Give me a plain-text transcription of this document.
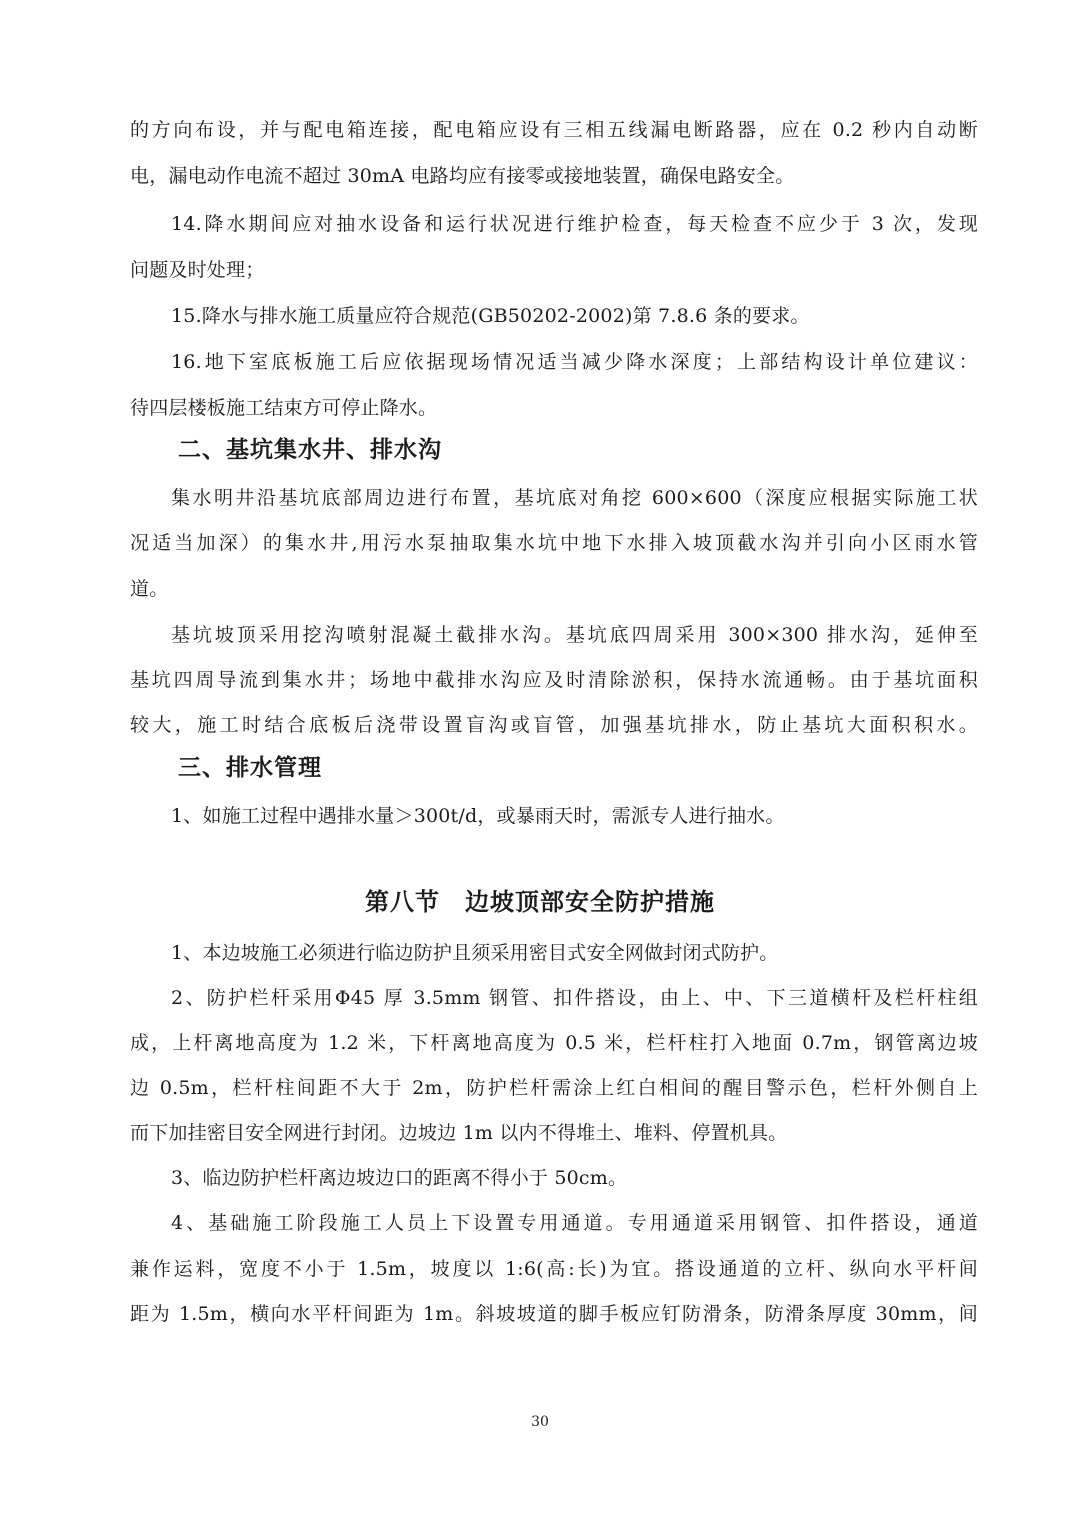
的方向布设，并与配电箱连接，配电箱应设有三相五线漏电断路器，应在 0.2 秒内自动断
电，漏电动作电流不超过 30mA 电路均应有接零或接地装置，确保电路安全。
14.降水期间应对抽水设备和运行状况进行维护检查，每天检查不应少于 3 次，发现
问题及时处理；
15.降水与排水施工质量应符合规范(GB50202-2002)第 7.8.6 条的要求。
16.地下室底板施工后应依据现场情况适当减少降水深度；上部结构设计单位建议：
待四层楼板施工结束方可停止降水。
二、基坑集水井、排水沟
集水明井沿基坑底部周边进行布置，基坑底对角挖 600×600（深度应根据实际施工状
况适当加深）的集水井,用污水泵抽取集水坑中地下水排入坡顶截水沟并引向小区雨水管
道。
基坑坡顶采用挖沟喷射混凝土截排水沟。基坑底四周采用 300×300 排水沟，延伸至
基坑四周导流到集水井；场地中截排水沟应及时清除淤积，保持水流通畅。由于基坑面积
较大，施工时结合底板后浇带设置盲沟或盲管，加强基坑排水，防止基坑大面积积水。
三、排水管理
1、如施工过程中遇排水量＞300t/d，或暴雨天时，需派专人进行抽水。
第八节　边坡顶部安全防护措施
1、本边坡施工必须进行临边防护且须采用密目式安全网做封闭式防护。
2、防护栏杆采用Φ45 厚 3.5mm 钢管、扣件搭设，由上、中、下三道横杆及栏杆柱组
成，上杆离地高度为 1.2 米，下杆离地高度为 0.5 米，栏杆柱打入地面 0.7m，钢管离边坡
边 0.5m，栏杆柱间距不大于 2m，防护栏杆需涂上红白相间的醒目警示色，栏杆外侧自上
而下加挂密目安全网进行封闭。边坡边 1m 以内不得堆土、堆料、停置机具。
3、临边防护栏杆离边坡边口的距离不得小于 50cm。
4、基础施工阶段施工人员上下设置专用通道。专用通道采用钢管、扣件搭设，通道
兼作运料，宽度不小于 1.5m，坡度以 1:6(高:长)为宜。搭设通道的立杆、纵向水平杆间
距为 1.5m，横向水平杆间距为 1m。斜坡坡道的脚手板应钉防滑条，防滑条厚度 30mm，间
30
